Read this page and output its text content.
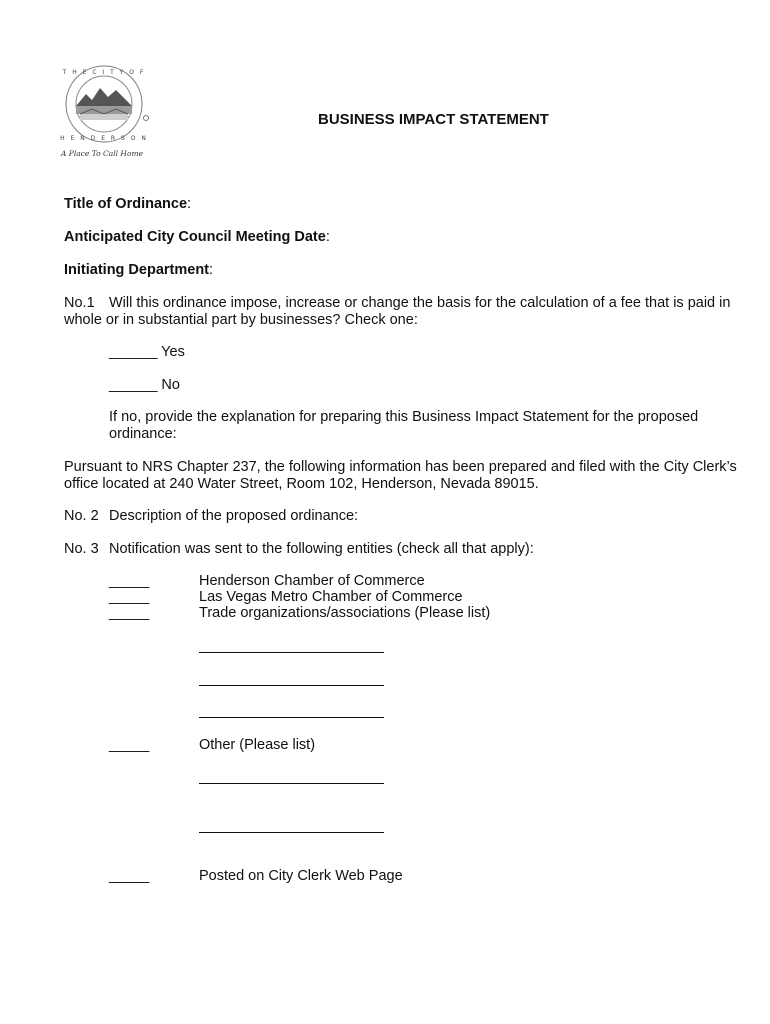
T H E C I T Y O F
H E N D E R S O N
A Place To Call Home
BUSINESS IMPACT STATEMENT
Title of Ordinance:
Anticipated City Council Meeting Date:
Initiating Department:
No.1 Will this ordinance impose, increase or change the basis for the calculation of a fee that is paid in
whole or in substantial part by businesses? Check one:
______ Yes
______ No
If no, provide the explanation for preparing this Business Impact Statement for the proposed
ordinance:
Pursuant to NRS Chapter 237, the following information has been prepared and filed with the City Clerk’s
office located at 240 Water Street, Room 102, Henderson, Nevada 89015.
No. 2 Description of the proposed ordinance:
No. 3 Notification was sent to the following entities (check all that apply):
_____	Henderson Chamber of Commerce
_____	Las Vegas Metro Chamber of Commerce
_____	Trade organizations/associations (Please list)
_____	Other (Please list)
_____	Posted on City Clerk Web Page
